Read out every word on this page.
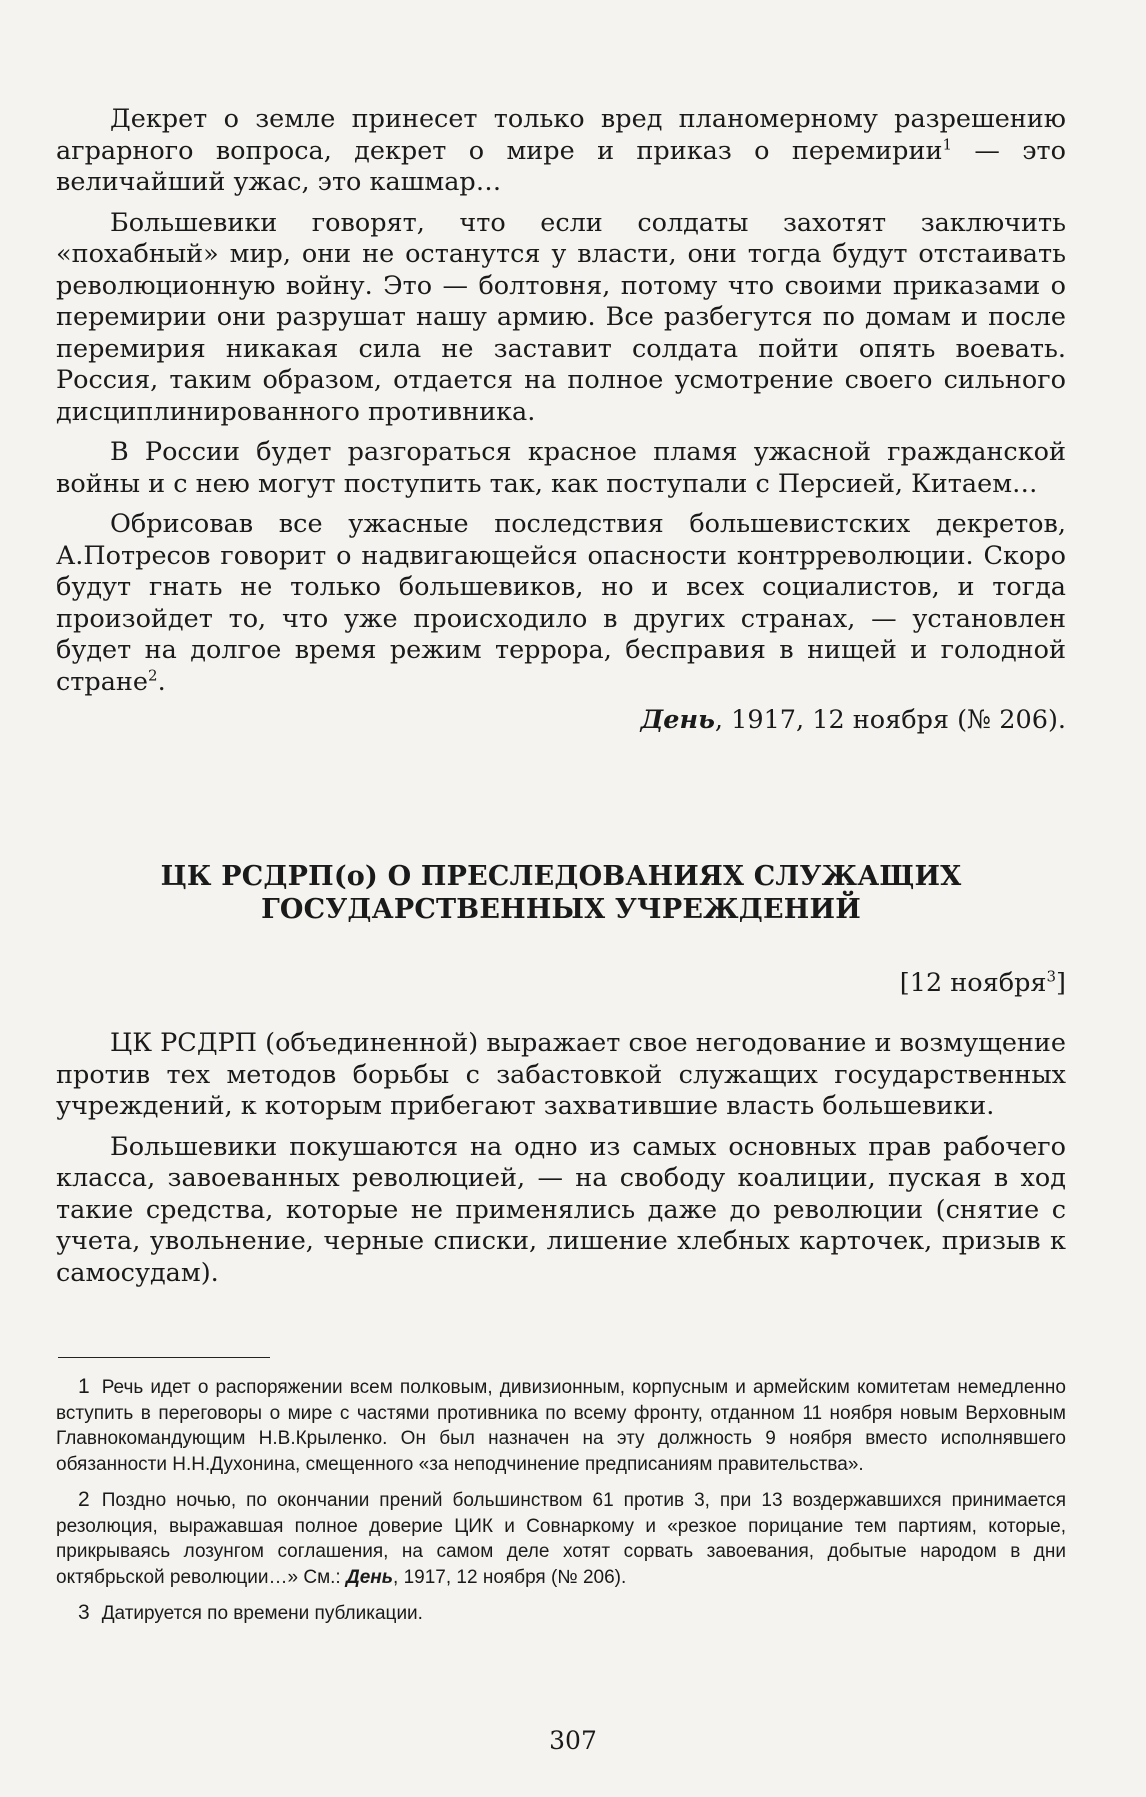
Декрет о земле принесет только вред планомерному разрешению аграрного вопроса, декрет о мире и приказ о перемирии$^1$ — это величайший ужас, это кашмар…

Большевики говорят, что если солдаты захотят заключить «похабный» мир, они не останутся у власти, они тогда будут отстаивать революционную войну. Это — болтовня, потому что своими приказами о перемирии они разрушат нашу армию. Все разбегутся по домам и после перемирия никакая сила не заставит солдата пойти опять воевать. Россия, таким образом, отдается на полное усмотрение своего сильного дисциплинированного противника.

В России будет разгораться красное пламя ужасной гражданской войны и с нею могут поступить так, как поступали с Персией, Китаем…

Обрисовав все ужасные последствия большевистских декретов, А.Потресов говорит о надвигающейся опасности контрреволюции. Скоро будут гнать не только большевиков, но и всех социалистов, и тогда произойдет то, что уже происходило в других странах, — установлен будет на долгое время режим террора, бесправия в нищей и голодной стране$^2$.

День, 1917, 12 ноября (№ 206).
ЦК РСДРП(о) О ПРЕСЛЕДОВАНИЯХ СЛУЖАЩИХ
ГОСУДАРСТВЕННЫХ УЧРЕЖДЕНИЙ
[12 ноября$^3$]

ЦК РСДРП (объединенной) выражает свое негодование и возмущение против тех методов борьбы с забастовкой служащих государственных учреждений, к которым прибегают захватившие власть большевики.

Большевики покушаются на одно из самых основных прав рабочего класса, завоеванных революцией, — на свободу коалиции, пуская в ход такие средства, которые не применялись даже до революции (снятие с учета, увольнение, черные списки, лишение хлебных карточек, призыв к самосудам).

1 Речь идет о распоряжении всем полковым, дивизионным, корпусным и армейским комитетам немедленно вступить в переговоры о мире с частями противника по всему фронту, отданном 11 ноября новым Верховным Главнокомандующим Н.В.Крыленко. Он был назначен на эту должность 9 ноября вместо исполнявшего обязанности Н.Н.Духонина, смещенного «за неподчинение предписаниям правительства».

2 Поздно ночью, по окончании прений большинством 61 против 3, при 13 воздержавшихся принимается резолюция, выражавшая полное доверие ЦИК и Совнаркому и «резкое порицание тем партиям, которые, прикрываясь лозунгом соглашения, на самом деле хотят сорвать завоевания, добытые народом в дни октябрьской революции…» См.: День, 1917, 12 ноября (№ 206).

3 Датируется по времени публикации.

307
